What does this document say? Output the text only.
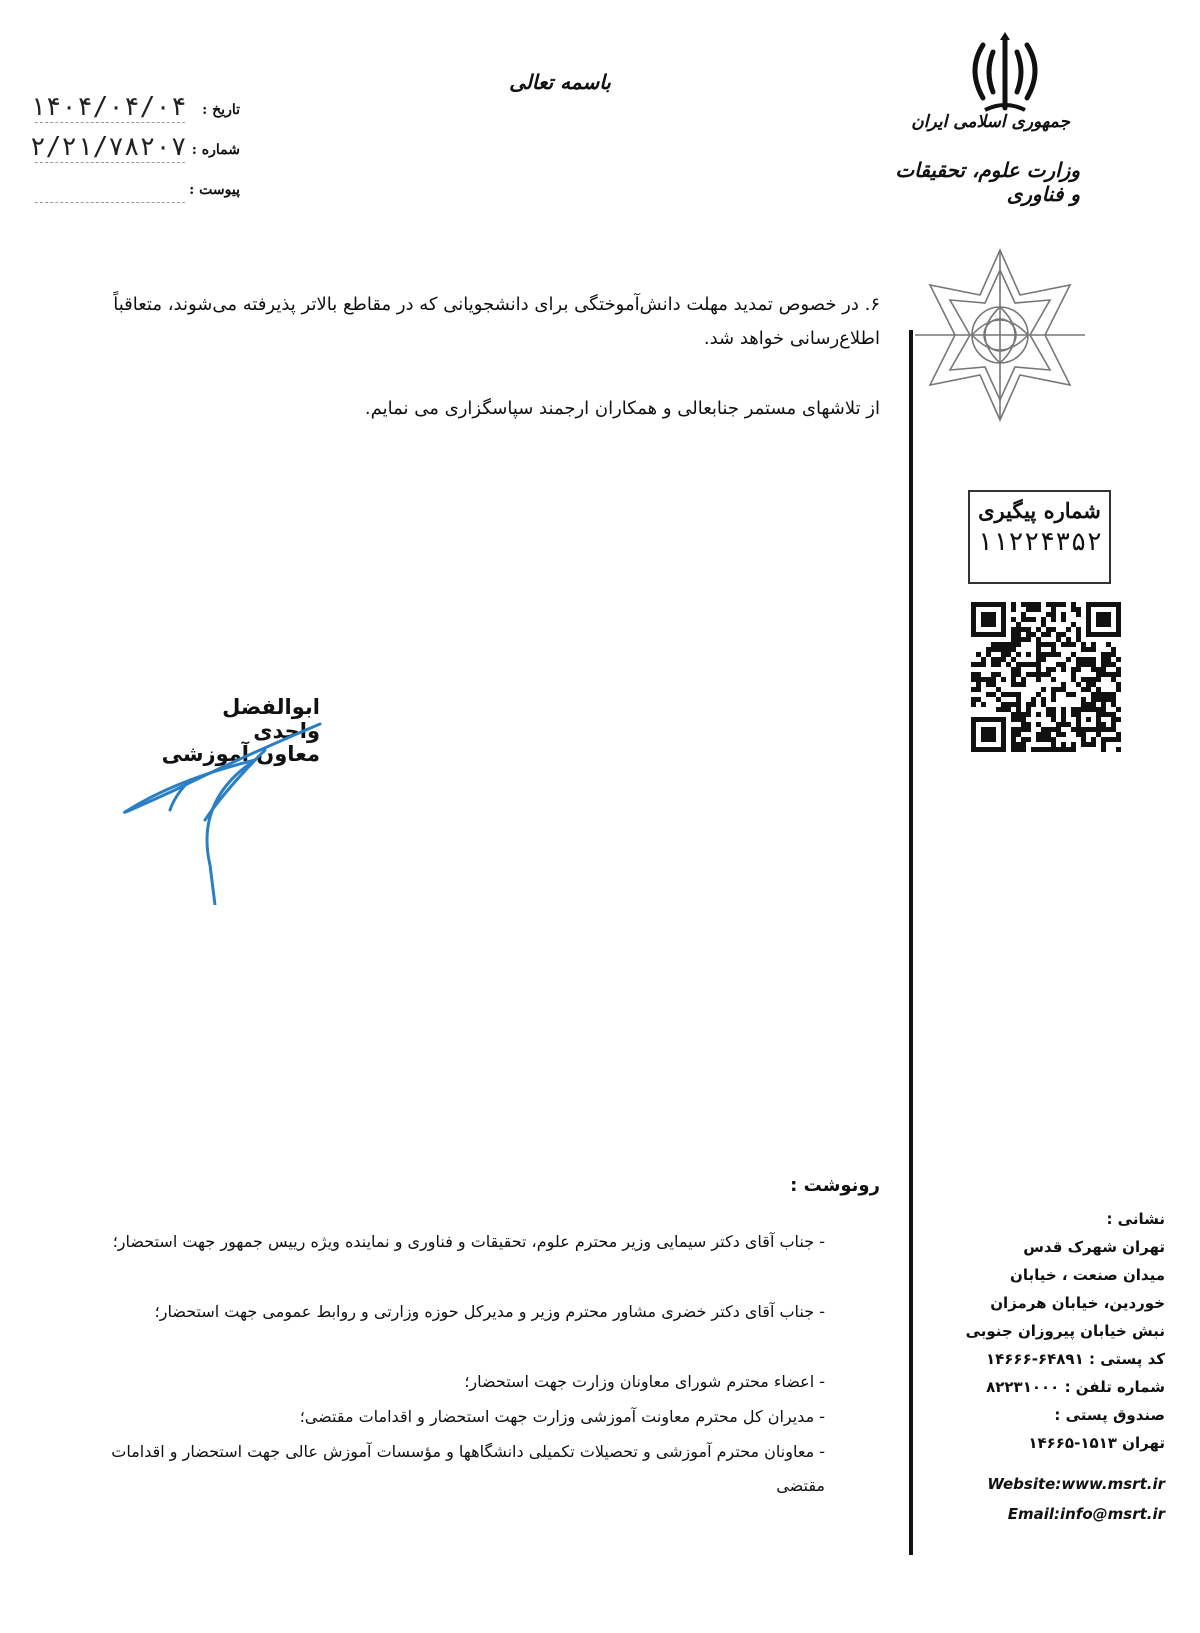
جمهوری اسلامی ایران
وزارت علوم، تحقیقات و فناوری
باسمه تعالی
۱۴۰۴/۰۴/۰۴ تاریخ :
۲/۲۱/۷۸۲۰۷ شماره :
پیوست :
شماره پیگیری
۱۱۲۲۴۳۵۲
۶. در خصوص تمدید مهلت دانش‌آموختگی برای دانشجویانی که در مقاطع بالاتر پذیرفته می‌شوند، متعاقباً اطلاع‌رسانی خواهد شد.
از تلاشهای مستمر جنابعالی و همکاران ارجمند سپاسگزاری می نمایم.
ابوالفضل واحدی
معاون آموزشی
رونوشت :
- جناب آقای دکتر سیمایی وزیر محترم علوم، تحقیقات و فناوری و نماینده ویژه رییس جمهور جهت استحضار؛
- جناب آقای دکتر خضری مشاور محترم وزیر و مدیرکل حوزه وزارتی و روابط عمومی جهت استحضار؛
- اعضاء محترم شورای معاونان وزارت جهت استحضار؛
- مدیران کل محترم معاونت آموزشی وزارت جهت استحضار و اقدامات مقتضی؛
- معاونان محترم آموزشی و تحصیلات تکمیلی دانشگاهها و مؤسسات آموزش عالی جهت استحضار و اقدامات مقتضی
نشانی :
تهران شهرک قدس
میدان صنعت ، خیابان
خوردین، خیابان هرمزان
نبش خیابان پیروزان جنوبی
کد پستی : ۶۴۸۹۱-۱۴۶۶۶
شماره تلفن : ۸۲۲۳۱۰۰۰
صندوق پستی :
تهران ۱۵۱۳-۱۴۶۶۵
Website:www.msrt.ir
Email:info@msrt.ir
